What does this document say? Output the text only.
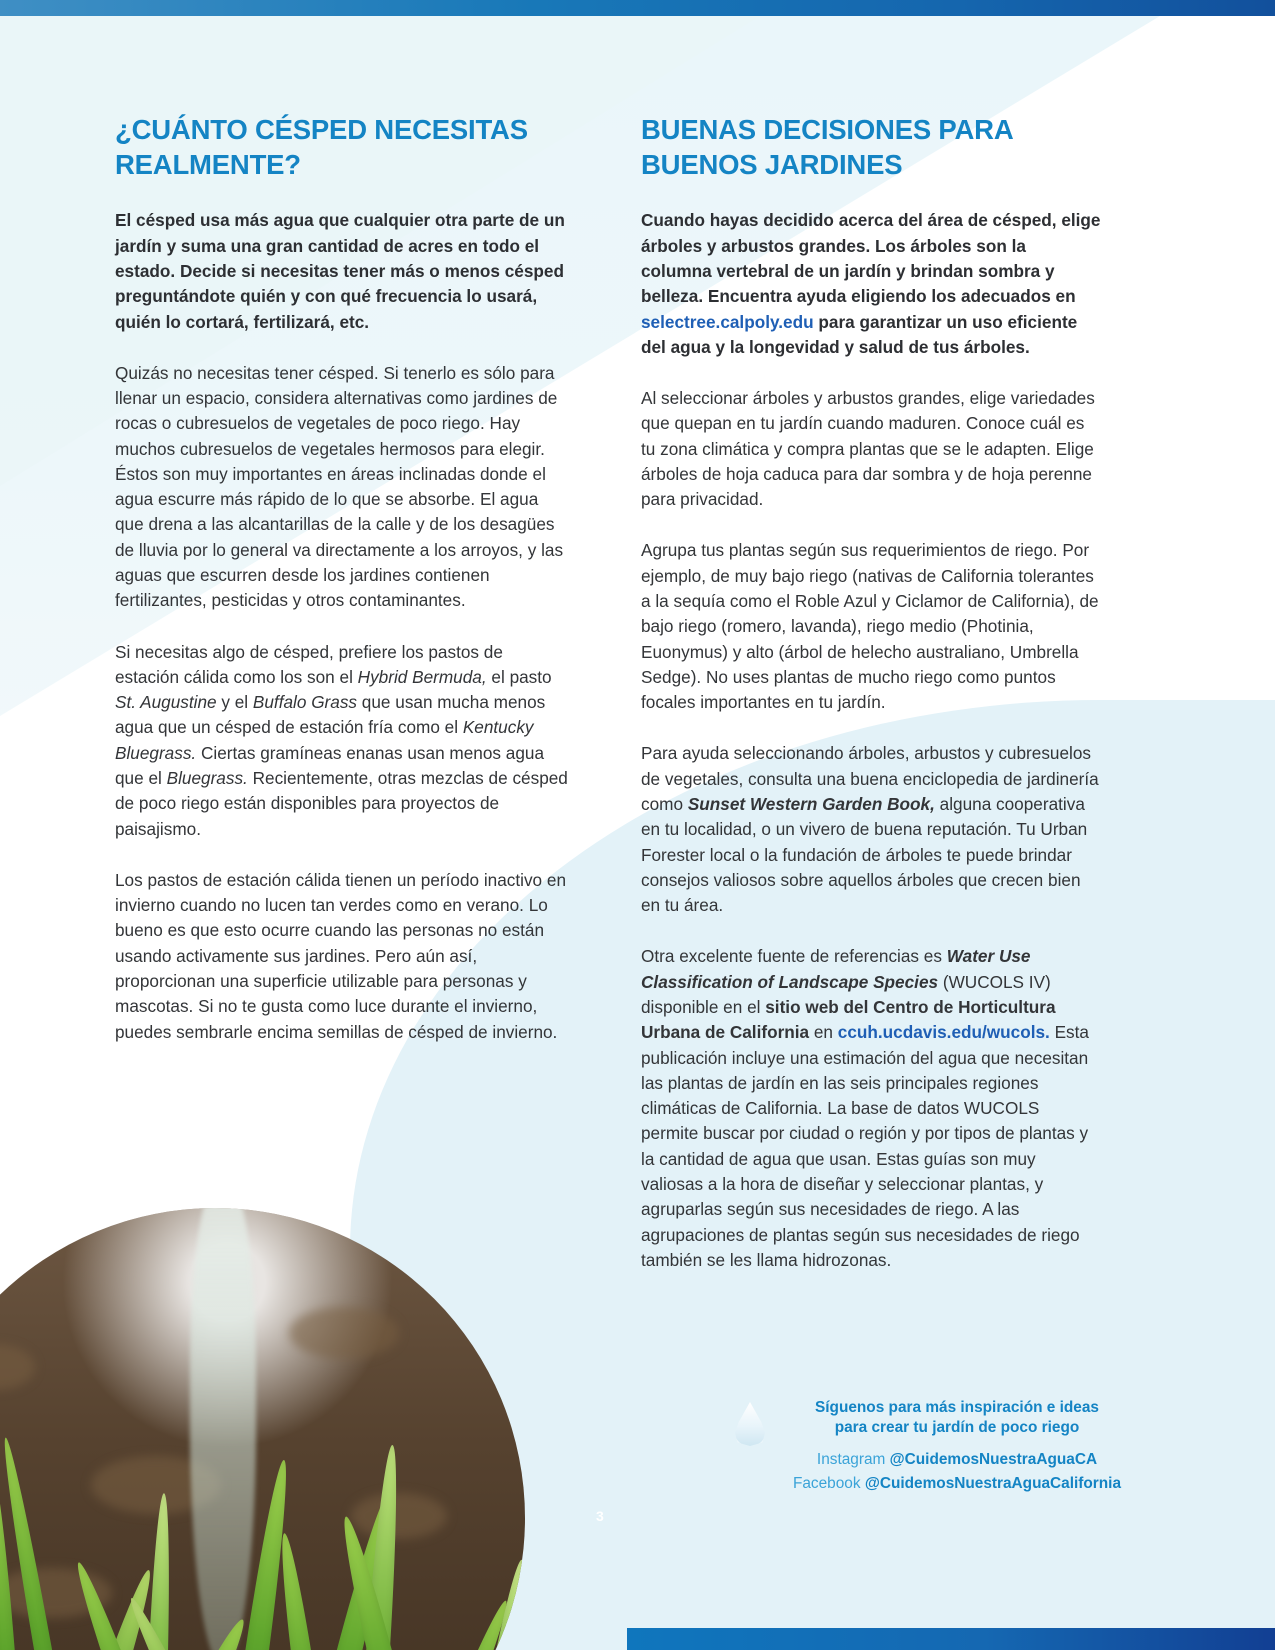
¿CUÁNTO CÉSPED NECESITAS REALMENTE?

El césped usa más agua que cualquier otra parte de un jardín y suma una gran cantidad de acres en todo el estado. Decide si necesitas tener más o menos césped preguntándote quién y con qué frecuencia lo usará, quién lo cortará, fertilizará, etc.

Quizás no necesitas tener césped. Si tenerlo es sólo para llenar un espacio, considera alternativas como jardines de rocas o cubresuelos de vegetales de poco riego. Hay muchos cubresuelos de vegetales hermosos para elegir. Éstos son muy importantes en áreas inclinadas donde el agua escurre más rápido de lo que se absorbe. El agua que drena a las alcantarillas de la calle y de los desagües de lluvia por lo general va directamente a los arroyos, y las aguas que escurren desde los jardines contienen fertilizantes, pesticidas y otros contaminantes.

Si necesitas algo de césped, prefiere los pastos de estación cálida como los son el Hybrid Bermuda, el pasto St. Augustine y el Buffalo Grass que usan mucha menos agua que un césped de estación fría como el Kentucky Bluegrass. Ciertas gramíneas enanas usan menos agua que el Bluegrass. Recientemente, otras mezclas de césped de poco riego están disponibles para proyectos de paisajismo.

Los pastos de estación cálida tienen un período inactivo en invierno cuando no lucen tan verdes como en verano. Lo bueno es que esto ocurre cuando las personas no están usando activamente sus jardines. Pero aún así, proporcionan una superficie utilizable para personas y mascotas. Si no te gusta como luce durante el invierno, puedes sembrarle encima semillas de césped de invierno.

BUENAS DECISIONES PARA BUENOS JARDINES

Cuando hayas decidido acerca del área de césped, elige árboles y arbustos grandes. Los árboles son la columna vertebral de un jardín y brindan sombra y belleza. Encuentra ayuda eligiendo los adecuados en selectree.calpoly.edu para garantizar un uso eficiente del agua y la longevidad y salud de tus árboles.

Al seleccionar árboles y arbustos grandes, elige variedades que quepan en tu jardín cuando maduren. Conoce cuál es tu zona climática y compra plantas que se le adapten. Elige árboles de hoja caduca para dar sombra y de hoja perenne para privacidad.

Agrupa tus plantas según sus requerimientos de riego. Por ejemplo, de muy bajo riego (nativas de California tolerantes a la sequía como el Roble Azul y Ciclamor de California), de bajo riego (romero, lavanda), riego medio (Photinia, Euonymus) y alto (árbol de helecho australiano, Umbrella Sedge). No uses plantas de mucho riego como puntos focales importantes en tu jardín.

Para ayuda seleccionando árboles, arbustos y cubresuelos de vegetales, consulta una buena enciclopedia de jardinería como Sunset Western Garden Book, alguna cooperativa en tu localidad, o un vivero de buena reputación. Tu Urban Forester local o la fundación de árboles te puede brindar consejos valiosos sobre aquellos árboles que crecen bien en tu área.

Otra excelente fuente de referencias es Water Use Classification of Landscape Species (WUCOLS IV) disponible en el sitio web del Centro de Horticultura Urbana de California en ccuh.ucdavis.edu/wucols. Esta publicación incluye una estimación del agua que necesitan las plantas de jardín en las seis principales regiones climáticas de California. La base de datos WUCOLS permite buscar por ciudad o región y por tipos de plantas y la cantidad de agua que usan. Estas guías son muy valiosas a la hora de diseñar y seleccionar plantas, y agruparlas según sus necesidades de riego. A las agrupaciones de plantas según sus necesidades de riego también se les llama hidrozonas.

3
Síguenos para más inspiración e ideas
para crear tu jardín de poco riego
Instagram @CuidemosNuestraAguaCA
Facebook @CuidemosNuestraAguaCalifornia
